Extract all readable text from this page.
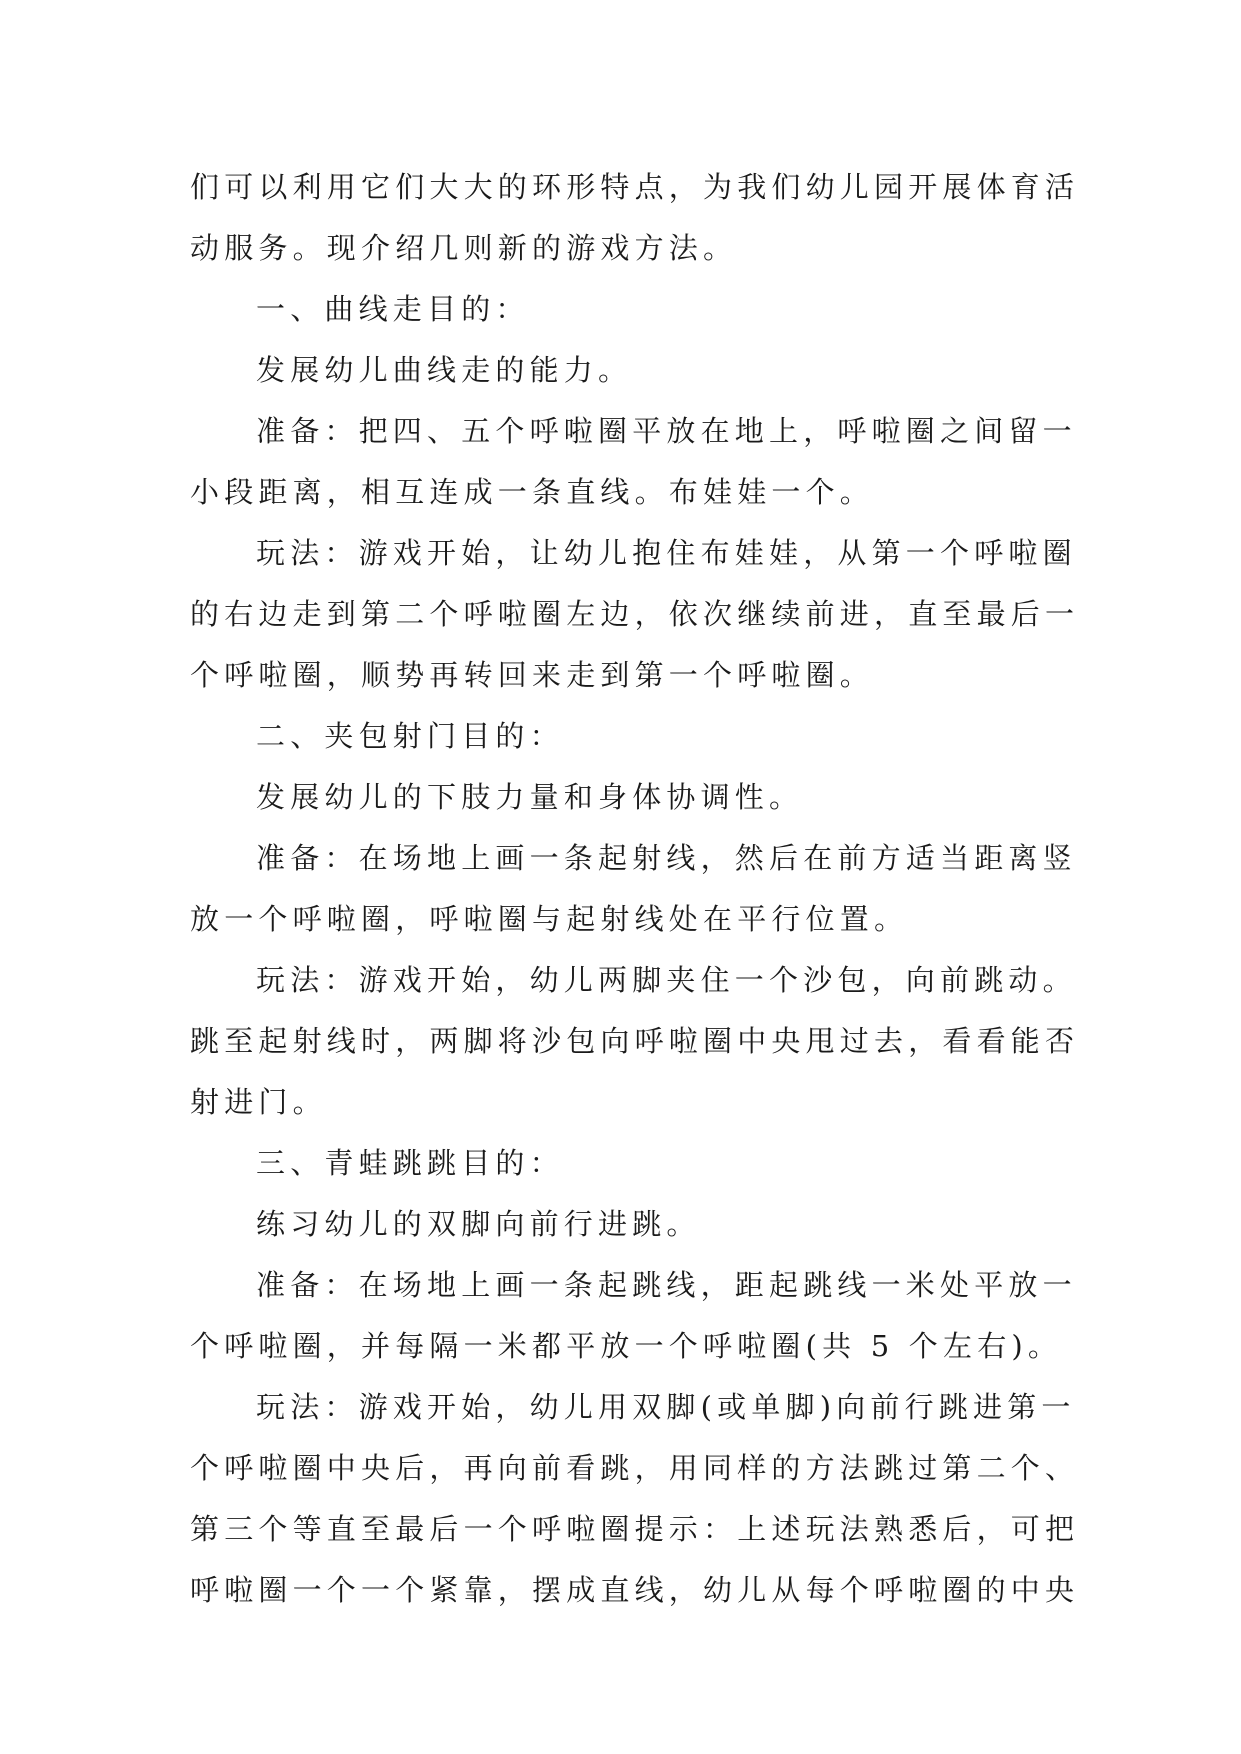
们可以利用它们大大的环形特点，为我们幼儿园开展体育活
动服务。现介绍几则新的游戏方法。
一、曲线走目的：
发展幼儿曲线走的能力。
准备：把四、五个呼啦圈平放在地上，呼啦圈之间留一
小段距离，相互连成一条直线。布娃娃一个。
玩法：游戏开始，让幼儿抱住布娃娃，从第一个呼啦圈
的右边走到第二个呼啦圈左边，依次继续前进，直至最后一
个呼啦圈，顺势再转回来走到第一个呼啦圈。
二、夹包射门目的：
发展幼儿的下肢力量和身体协调性。
准备：在场地上画一条起射线，然后在前方适当距离竖
放一个呼啦圈，呼啦圈与起射线处在平行位置。
玩法：游戏开始，幼儿两脚夹住一个沙包，向前跳动。
跳至起射线时，两脚将沙包向呼啦圈中央甩过去，看看能否
射进门。
三、青蛙跳跳目的：
练习幼儿的双脚向前行进跳。
准备：在场地上画一条起跳线，距起跳线一米处平放一
个呼啦圈，并每隔一米都平放一个呼啦圈(共 5 个左右)。
玩法：游戏开始，幼儿用双脚(或单脚)向前行跳进第一
个呼啦圈中央后，再向前看跳，用同样的方法跳过第二个、
第三个等直至最后一个呼啦圈提示：上述玩法熟悉后，可把
呼啦圈一个一个紧靠，摆成直线，幼儿从每个呼啦圈的中央
